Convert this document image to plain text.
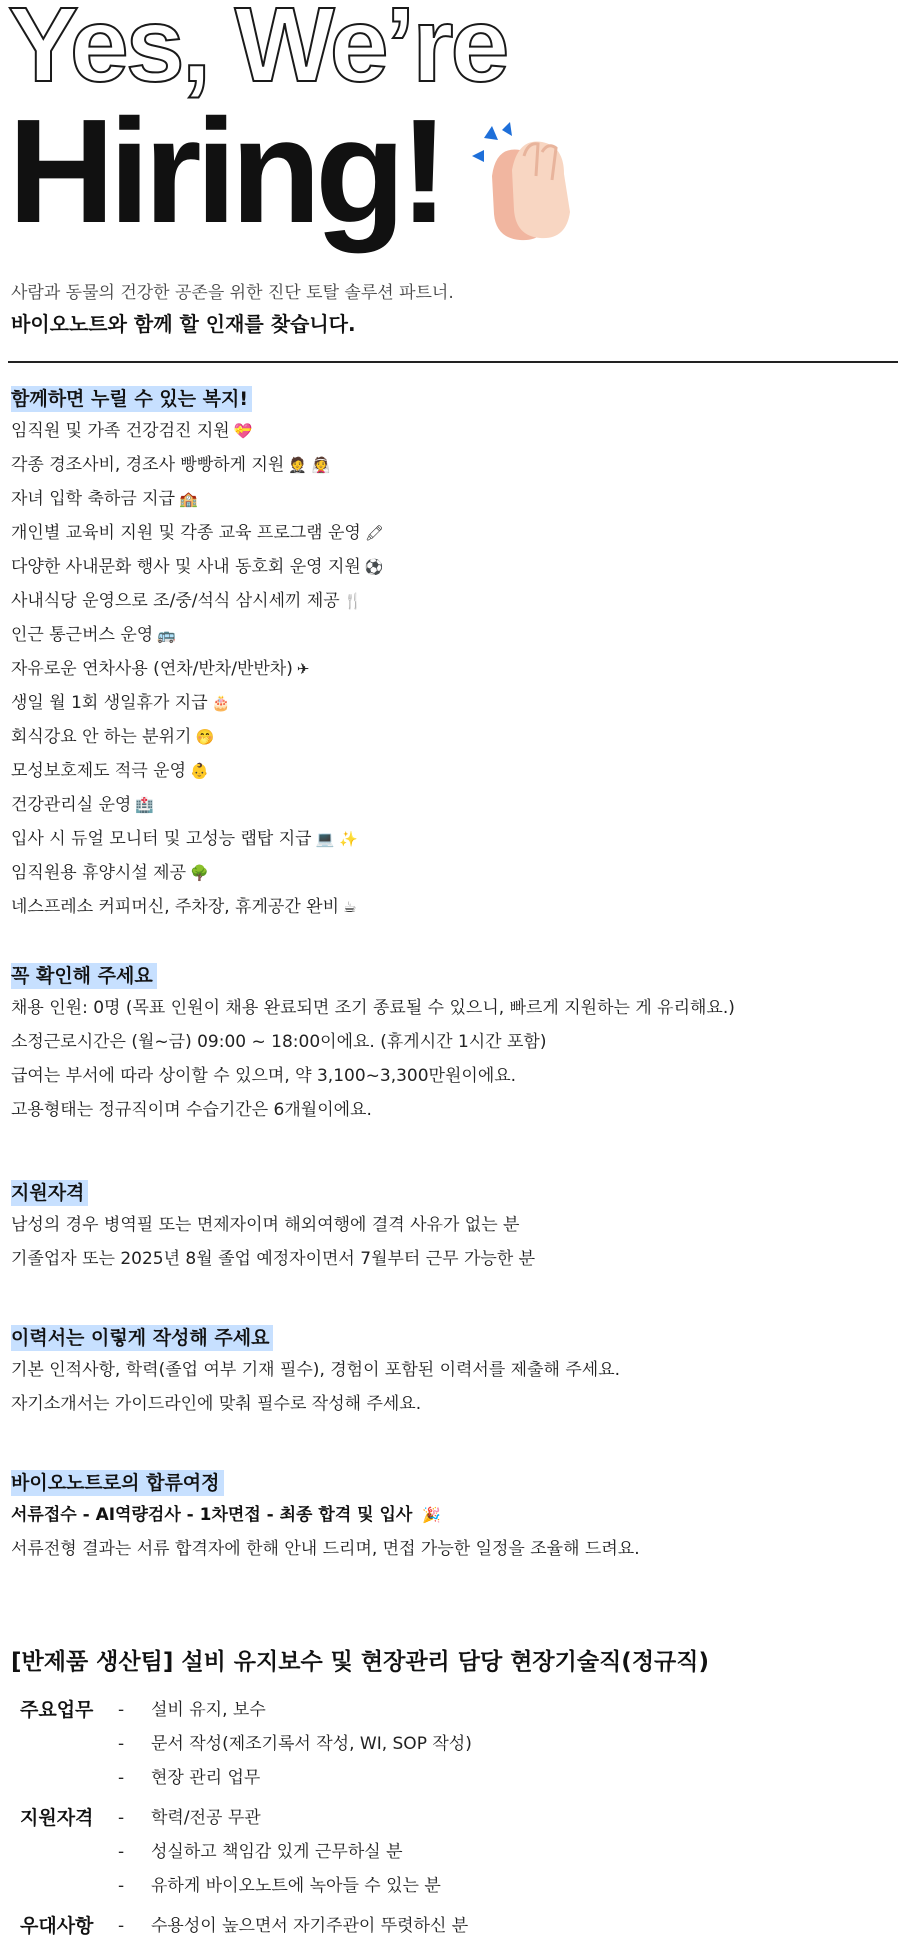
Yes, We’re
Hiring!
사람과 동물의 건강한 공존을 위한 진단 토탈 솔루션 파트너.
바이오노트와 함께 할 인재를 찾습니다.
함께하면 누릴 수 있는 복지!
임직원 및 가족 건강검진 지원 💝
각종 경조사비, 경조사 빵빵하게 지원 🤵 👰
자녀 입학 축하금 지급 🏫
개인별 교육비 지원 및 각종 교육 프로그램 운영 🖍
다양한 사내문화 행사 및 사내 동호회 운영 지원 ⚽
사내식당 운영으로 조/중/석식 삼시세끼 제공 🍴
인근 통근버스 운영 🚌
자유로운 연차사용 (연차/반차/반반차) ✈
생일 월 1회 생일휴가 지급 🎂
회식강요 안 하는 분위기 🤭
모성보호제도 적극 운영 👶
건강관리실 운영 🏥
입사 시 듀얼 모니터 및 고성능 랩탑 지급 💻 ✨
임직원용 휴양시설 제공 🌳
네스프레소 커피머신, 주차장, 휴게공간 완비 ☕
꼭 확인해 주세요
채용 인원: 0명 (목표 인원이 채용 완료되면 조기 종료될 수 있으니, 빠르게 지원하는 게 유리해요.)
소정근로시간은 (월~금) 09:00 ~ 18:00이에요. (휴게시간 1시간 포함)
급여는 부서에 따라 상이할 수 있으며, 약 3,100~3,300만원이에요.
고용형태는 정규직이며 수습기간은 6개월이에요.
지원자격
남성의 경우 병역필 또는 면제자이며 해외여행에 결격 사유가 없는 분
기졸업자 또는 2025년 8월 졸업 예정자이면서 7월부터 근무 가능한 분
이력서는 이렇게 작성해 주세요
기본 인적사항, 학력(졸업 여부 기재 필수), 경험이 포함된 이력서를 제출해 주세요.
자기소개서는 가이드라인에 맞춰 필수로 작성해 주세요.
바이오노트로의 합류여정
서류접수 - AI역량검사 - 1차면접 - 최종 합격 및 입사 🎉
서류전형 결과는 서류 합격자에 한해 안내 드리며, 면접 가능한 일정을 조율해 드려요.
[반제품 생산팀] 설비 유지보수 및 현장관리 담당 현장기술직(정규직)
주요업무 - 설비 유지, 보수
- 문서 작성(제조기록서 작성, WI, SOP 작성)
- 현장 관리 업무
지원자격 - 학력/전공 무관
- 성실하고 책임감 있게 근무하실 분
- 유하게 바이오노트에 녹아들 수 있는 분
우대사항 - 수용성이 높으면서 자기주관이 뚜렷하신 분
